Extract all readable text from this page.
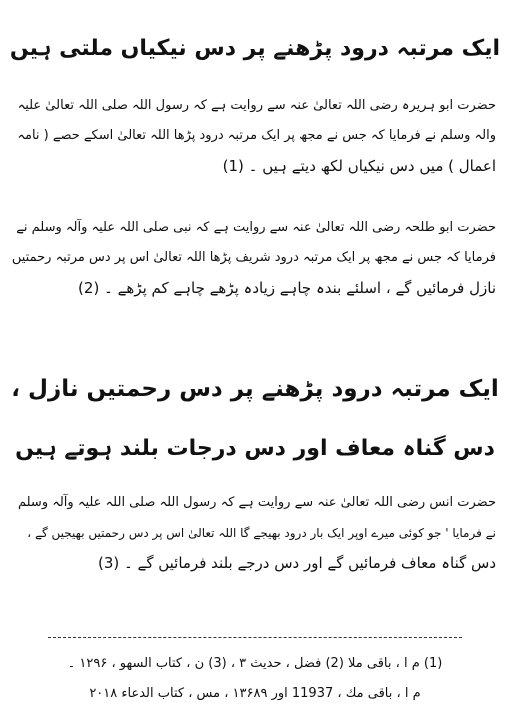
ایک مرتبہ درود پڑھنے پر دس نیکیاں ملتی ہیں
حضرت ابو ہریرہ رضی اللہ تعالیٰ عنہ سے روایت ہے کہ رسول اللہ صلی اللہ تعالیٰ علیہ
والہ وسلم نے فرمایا کہ جس نے مجھ پر ایک مرتبہ درود پڑھا اللہ تعالیٰ اسکے حصے ( نامہ
اعمال ) میں دس نیکیاں لکھ دیتے ہیں ۔ (1)
حضرت ابو طلحہ رضی اللہ تعالیٰ عنہ سے روایت ہے کہ نبی صلی اللہ علیہ وآلہ وسلم نے
فرمایا کہ جس نے مجھ پر ایک مرتبہ درود شریف پڑھا اللہ تعالیٰ اس پر دس مرتبہ رحمتیں
نازل فرمائیں گے ، اسلئے بندہ چاہے زیادہ پڑھے چاہے کم پڑھے ۔ (2)
ایک مرتبہ درود پڑھنے پر دس رحمتیں نازل ،
دس گناہ معاف اور دس درجات بلند ہوتے ہیں
حضرت انس رضی اللہ تعالیٰ عنہ سے روایت ہے کہ رسول اللہ صلی اللہ علیہ وآلہ وسلم
نے فرمایا ' جو کوئی میرے اوپر ایک بار درود بھیجے گا اللہ تعالیٰ اس پر دس رحمتیں بھیجیں گے ،
دس گناہ معاف فرمائیں گے اور دس درجے بلند فرمائیں گے ۔ (3)
(1) م ا ، باقی ملا (2) فضل ، حدیث ۳ ، (3) ن ، کتاب السهو ، ۱۲۹۶ ۔
م ا ، باقی مك ، 11937 اور ۱۳۶۸۹ ، مس ، کتاب الدعاء ۲۰۱۸
